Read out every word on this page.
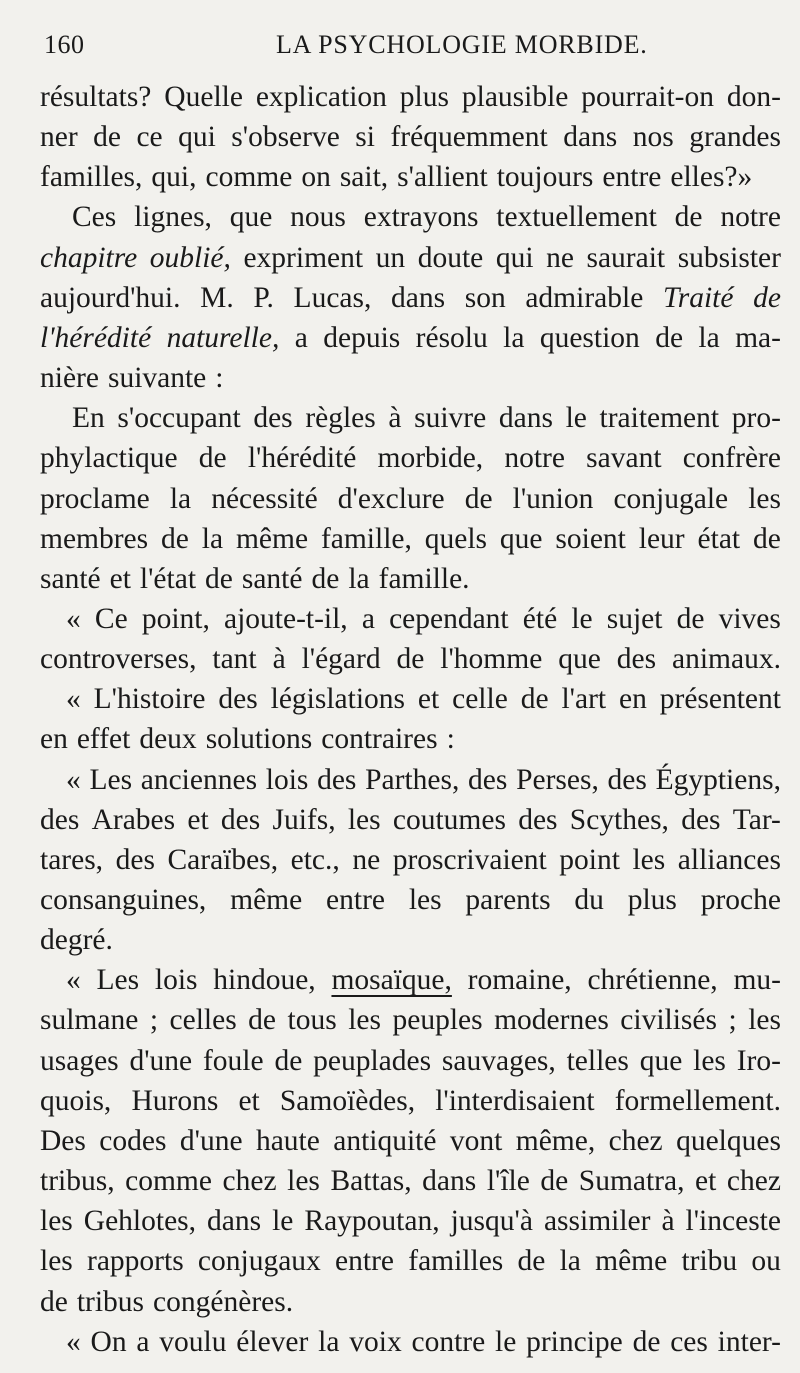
160	LA PSYCHOLOGIE MORBIDE.
résultats? Quelle explication plus plausible pourrait-on don-
ner de ce qui s'observe si fréquemment dans nos grandes
familles, qui, comme on sait, s'allient toujours entre elles?»
Ces lignes, que nous extrayons textuellement de notre
chapitre oublié, expriment un doute qui ne saurait subsister
aujourd'hui. M. P. Lucas, dans son admirable Traité de
l'hérédité naturelle, a depuis résolu la question de la ma-
nière suivante :
En s'occupant des règles à suivre dans le traitement pro-
phylactique de l'hérédité morbide, notre savant confrère
proclame la nécessité d'exclure de l'union conjugale les
membres de la même famille, quels que soient leur état de
santé et l'état de santé de la famille.
« Ce point, ajoute-t-il, a cependant été le sujet de vives
controverses, tant à l'égard de l'homme que des animaux.
« L'histoire des législations et celle de l'art en présentent
en effet deux solutions contraires :
« Les anciennes lois des Parthes, des Perses, des Égyptiens,
des Arabes et des Juifs, les coutumes des Scythes, des Tar-
tares, des Caraïbes, etc., ne proscrivaient point les alliances
consanguines, même entre les parents du plus proche
degré.
« Les lois hindoue, mosaïque, romaine, chrétienne, mu-
sulmane ; celles de tous les peuples modernes civilisés ; les
usages d'une foule de peuplades sauvages, telles que les Iro-
quois, Hurons et Samoïèdes, l'interdisaient formellement.
Des codes d'une haute antiquité vont même, chez quelques
tribus, comme chez les Battas, dans l'île de Sumatra, et chez
les Gehlotes, dans le Raypoutan, jusqu'à assimiler à l'inceste
les rapports conjugaux entre familles de la même tribu ou
de tribus congénères.
« On a voulu élever la voix contre le principe de ces inter-
